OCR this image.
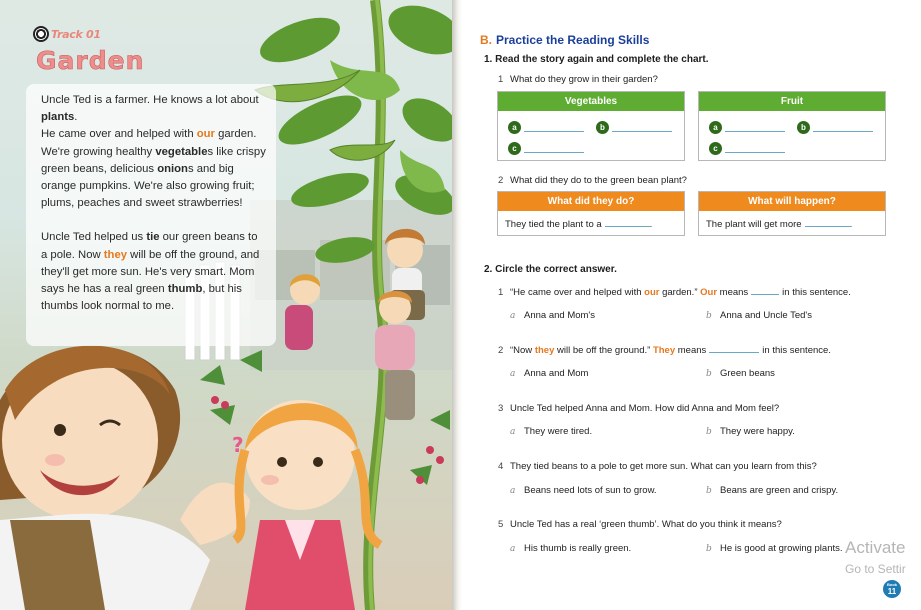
?
Track 01
Garden

Uncle Ted is a farmer. He knows a lot about plants.
He came over and helped with our garden.
We're growing healthy vegetables like crispy green beans, delicious onions and big orange pumpkins. We're also growing fruit; plums, peaches and sweet strawberries!

Uncle Ted helped us tie our green beans to a pole. Now they will be off the ground, and they'll get more sun. He's very smart. Mom says he has a real green thumb, but his thumbs look normal to me.

B. Practice the Reading Skills
1. Read the story again and complete the chart.
1 What do they grow in their garden?
Vegetables
a	b
c
Fruit
a	b
c
2 What did they do to the green bean plant?
What did they do?
They tied the plant to a	.
What will happen?
The plant will get more	.
2. Circle the correct answer.
1 “He came over and helped with our garden.” Our means	in this sentence.
a Anna and Mom's	b Anna and Uncle Ted's
2 “Now they will be off the ground.” They means	in this sentence.
a Anna and Mom	b Green beans
3 Uncle Ted helped Anna and Mom. How did Anna and Mom feel?
a They were tired.	b They were happy.
4 They tied beans to a pole to get more sun. What can you learn from this?
a Beans need lots of sun to grow.	b Beans are green and crispy.
5 Uncle Ted has a real ‘green thumb’. What do you think it means?
a His thumb is really green.	b He is good at growing plants.
Book
11
Activate
Go to Settir
